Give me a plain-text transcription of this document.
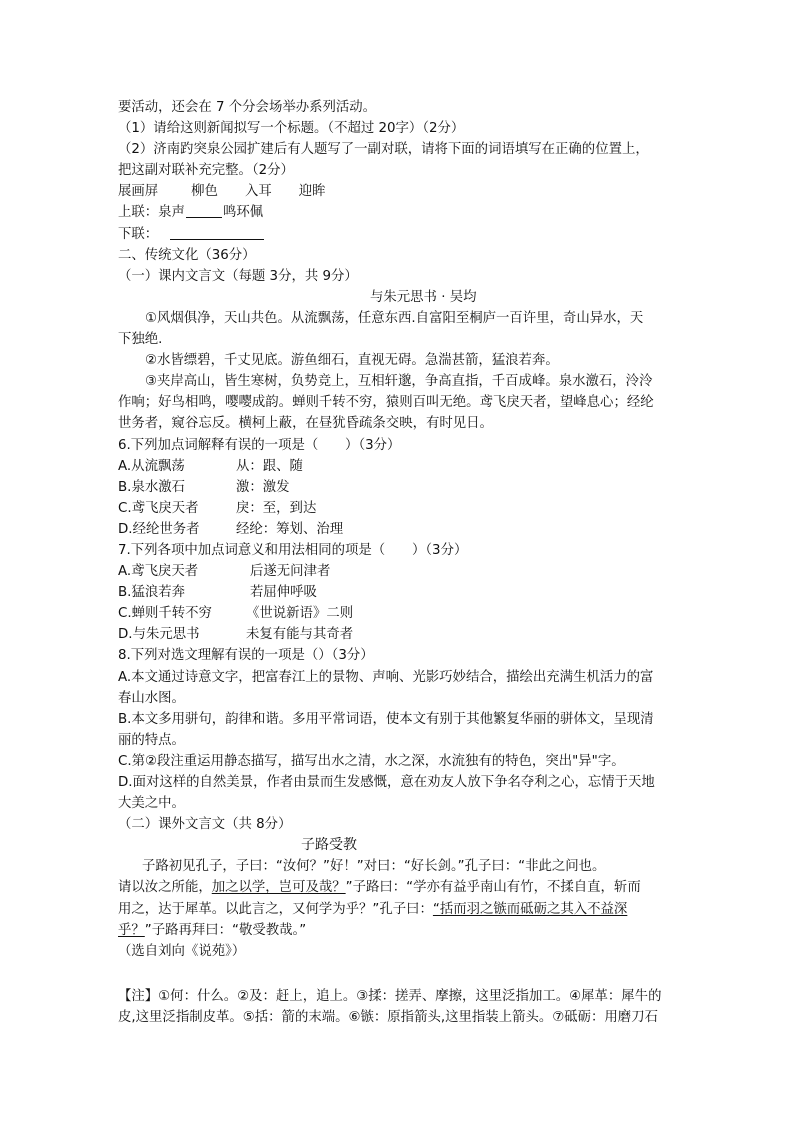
要活动，还会在 7 个分会场举办系列活动。
（1）请给这则新闻拟写一个标题。（不超过 20字）（2分）
（2）济南趵突泉公园扩建后有人题写了一副对联，请将下面的词语填写在正确的位置上，
把这副对联补充完整。（2分）
展画屏 柳色 入耳 迎眸
上联：泉声	鸣环佩
下联：
二、传统文化（36分）
（一）课内文言文（每题 3分，共 9分）
与朱元思书 · 吴均
①风烟俱净，天山共色。从流飘荡，任意东西.自富阳至桐庐一百许里，奇山异水，天
下独绝.
②水皆缥碧，千丈见底。游鱼细石，直视无碍。急湍甚箭，猛浪若奔。
③夹岸高山，皆生寒树，负势竞上，互相轩邈，争高直指，千百成峰。泉水激石，泠泠
作响；好鸟相鸣，嘤嘤成韵。蝉则千转不穷，猿则百叫无绝。鸢飞戾天者，望峰息心；经纶
世务者，窥谷忘反。横柯上蔽，在昼犹昏疏条交映，有时见日。
6.下列加点词解释有误的一项是（　　）（3分）
A.从流飘荡	从：跟、随
B.泉水激石	激：激发
C.鸢飞戾天者	戾：至，到达
D.经纶世务者	经纶：筹划、治理
7.下列各项中加点词意义和用法相同的项是（　　）（3分）
A.鸢飞戾天者	后遂无问津者
B.猛浪若奔	若屈伸呼吸
C.蝉则千转不穷	《世说新语》二则
D.与朱元思书	未复有能与其奇者
8.下列对选文理解有误的一项是（）（3分）
A.本文通过诗意文字，把富春江上的景物、声响、光影巧妙结合，描绘出充满生机活力的富
春山水图。
B.本文多用骈句，韵律和谐。多用平常词语，使本文有别于其他繁复华丽的骈体文，呈现清
丽的特点。
C.第②段注重运用静态描写，描写出水之清，水之深，水流独有的特色，突出"异"字。
D.面对这样的自然美景，作者由景而生发感慨，意在劝友人放下争名夺利之心，忘情于天地
大美之中。
（二）课外文言文（共 8分）
子路受教
子路初见孔子，子曰：“汝何？”好！”对曰：“好长剑。”孔子曰：“非此之问也。
请以汝之所能，加之以学，岂可及哉？”子路曰：“学亦有益乎南山有竹，不揉自直，斩而
用之，达于犀革。以此言之，又何学为乎？”孔子曰：“括而羽之镞而砥砺之其入不益深
乎？”子路再拜曰：“敬受教哉。”
（选自刘向《说苑》）
【注】①何：什么。②及：赶上，追上。③揉：搓弄、摩擦，这里泛指加工。④犀革：犀牛的
皮,这里泛指制皮革。⑤括：箭的末端。⑥镞：原指箭头,这里指装上箭头。⑦砥砺：用磨刀石
